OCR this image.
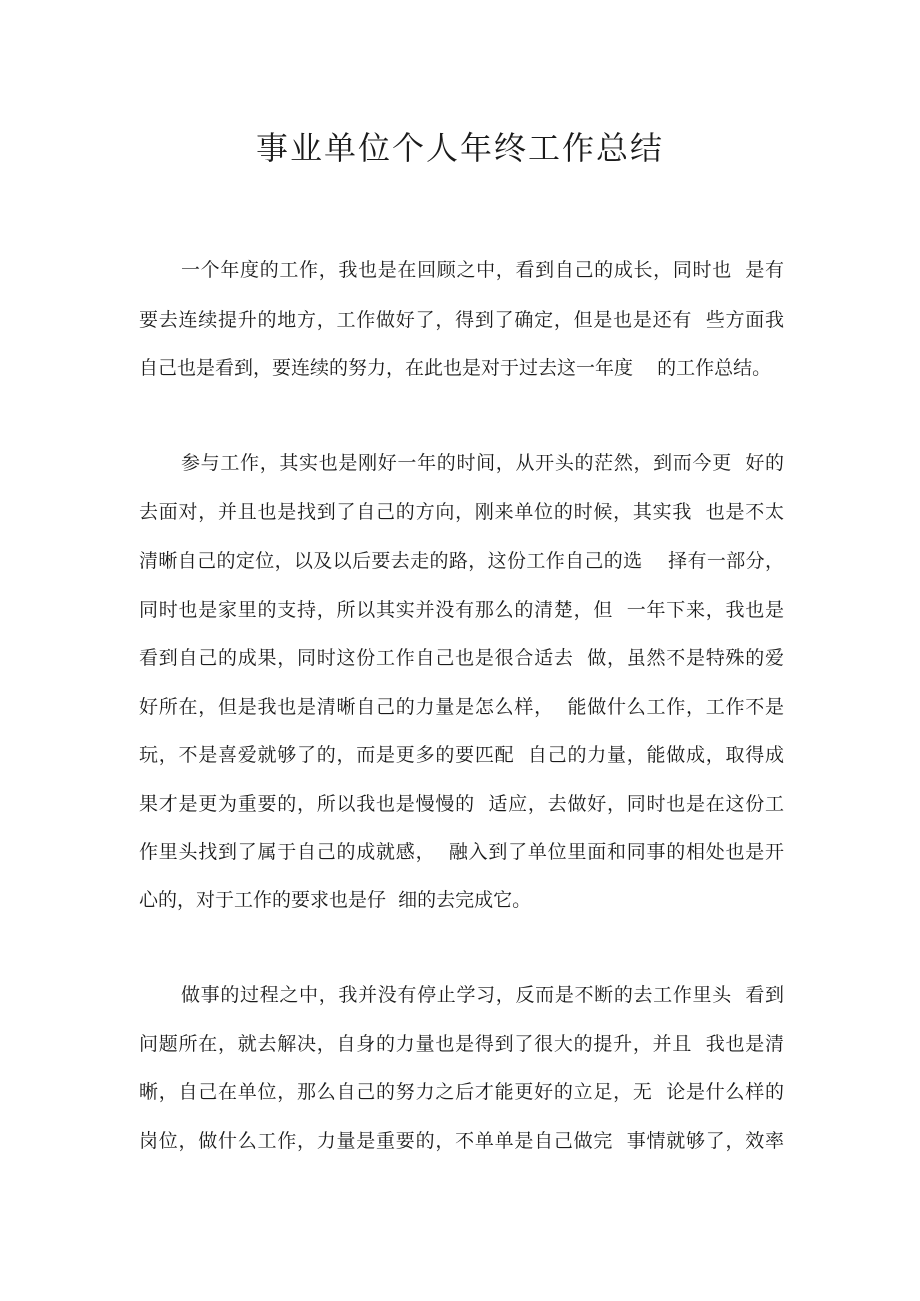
事业单位个人年终工作总结

一个年度的工作，我也是在回顾之中，看到自己的成长，同时也  是有

要去连续提升的地方，工作做好了，得到了确定，但是也是还有  些方面我

自己也是看到，要连续的努力，在此也是对于过去这一年度    的工作总结。

参与工作，其实也是刚好一年的时间，从开头的茫然，到而今更  好的

去面对，并且也是找到了自己的方向，刚来单位的时候，其实我  也是不太

清晰自己的定位，以及以后要去走的路，这份工作自己的选    择有一部分，

同时也是家里的支持，所以其实并没有那么的清楚，但  一年下来，我也是

看到自己的成果，同时这份工作自己也是很合适去  做，虽然不是特殊的爱

好所在，但是我也是清晰自己的力量是怎么样，  能做什么工作，工作不是

玩，不是喜爱就够了的，而是更多的要匹配  自己的力量，能做成，取得成

果才是更为重要的，所以我也是慢慢的  适应，去做好，同时也是在这份工

作里头找到了属于自己的成就感，  融入到了单位里面和同事的相处也是开

心的，对于工作的要求也是仔  细的去完成它。

做事的过程之中，我并没有停止学习，反而是不断的去工作里头  看到

问题所在，就去解决，自身的力量也是得到了很大的提升，并且  我也是清

晰，自己在单位，那么自己的努力之后才能更好的立足，无  论是什么样的

岗位，做什么工作，力量是重要的，不单单是自己做完  事情就够了，效率
